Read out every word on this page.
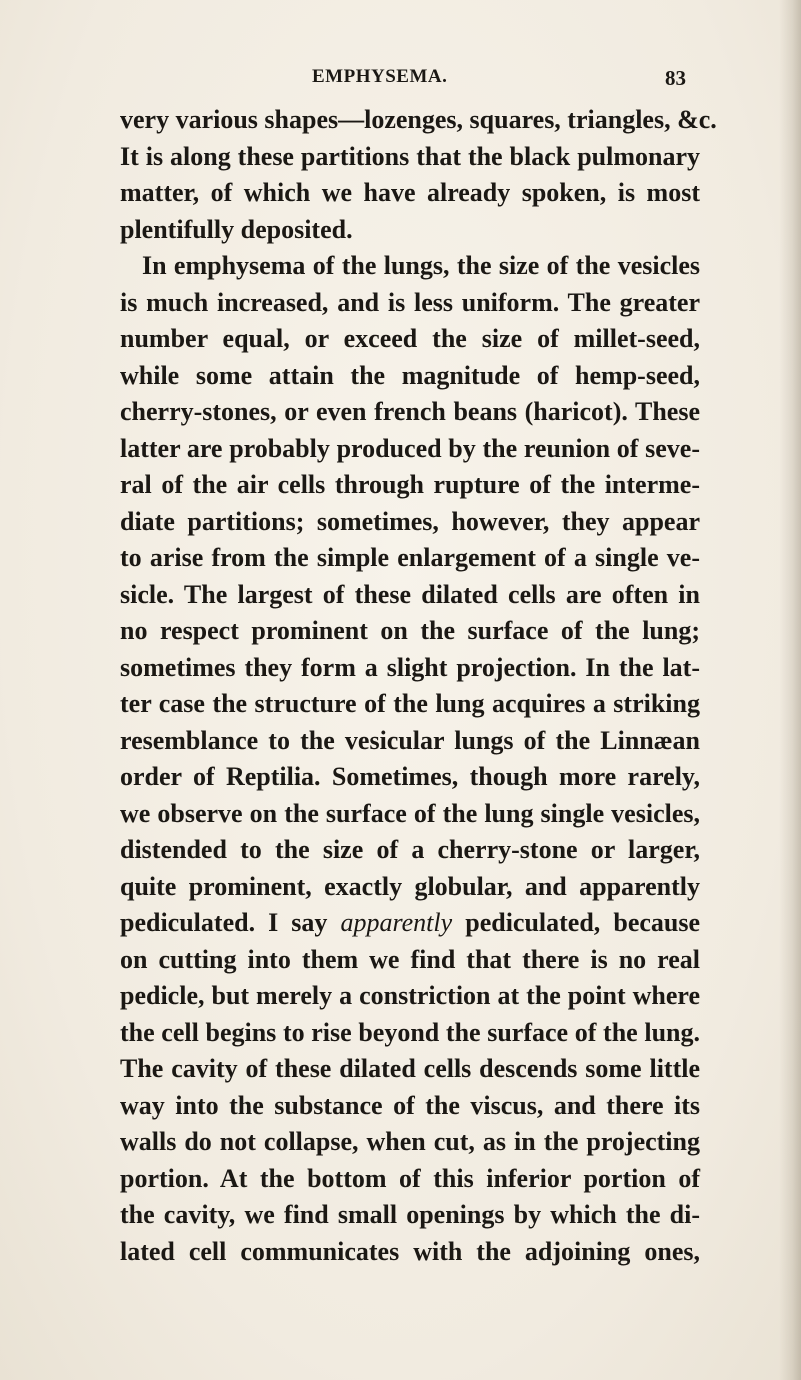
EMPHYSEMA.	83
very various shapes—lozenges, squares, triangles, &c.
It is along these partitions that the black pulmonary
matter, of which we have already spoken, is most
plentifully deposited.
In emphysema of the lungs, the size of the vesicles
is much increased, and is less uniform. The greater
number equal, or exceed the size of millet-seed,
while some attain the magnitude of hemp-seed,
cherry-stones, or even french beans (haricot). These
latter are probably produced by the reunion of seve-
ral of the air cells through rupture of the interme-
diate partitions; sometimes, however, they appear
to arise from the simple enlargement of a single ve-
sicle. The largest of these dilated cells are often in
no respect prominent on the surface of the lung;
sometimes they form a slight projection. In the lat-
ter case the structure of the lung acquires a striking
resemblance to the vesicular lungs of the Linnæan
order of Reptilia. Sometimes, though more rarely,
we observe on the surface of the lung single vesicles,
distended to the size of a cherry-stone or larger,
quite prominent, exactly globular, and apparently
pediculated. I say apparently pediculated, because
on cutting into them we find that there is no real
pedicle, but merely a constriction at the point where
the cell begins to rise beyond the surface of the lung.
The cavity of these dilated cells descends some little
way into the substance of the viscus, and there its
walls do not collapse, when cut, as in the projecting
portion. At the bottom of this inferior portion of
the cavity, we find small openings by which the di-
lated cell communicates with the adjoining ones,
